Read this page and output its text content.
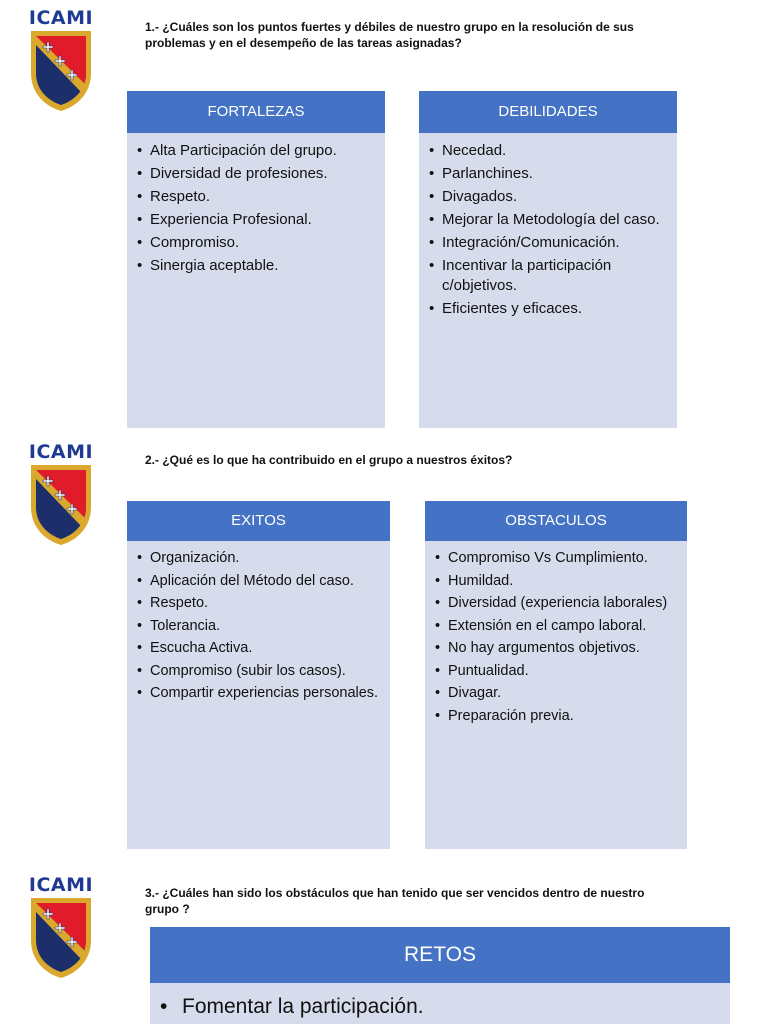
ICAMI
ICAMI
ICAMI
1.- ¿Cuáles son los puntos fuertes y débiles de nuestro grupo en la resolución de sus problemas y en el desempeño de las tareas asignadas?
FORTALEZAS
• Alta Participación del grupo.
• Diversidad de profesiones.
• Respeto.
• Experiencia Profesional.
• Compromiso.
• Sinergia aceptable.
DEBILIDADES
• Necedad.
• Parlanchines.
• Divagados.
• Mejorar la Metodología del caso.
• Integración/Comunicación.
• Incentivar la participación c/objetivos.
• Eficientes y eficaces.
2.- ¿Qué es lo que ha contribuido en el grupo a nuestros éxitos?
EXITOS
• Organización.
• Aplicación del Método del caso.
• Respeto.
• Tolerancia.
• Escucha Activa.
• Compromiso (subir los casos).
• Compartir experiencias personales.
OBSTACULOS
• Compromiso Vs Cumplimiento.
• Humildad.
• Diversidad (experiencia laborales)
• Extensión en el campo laboral.
• No hay argumentos objetivos.
• Puntualidad.
• Divagar.
• Preparación previa.
3.- ¿Cuáles han sido los obstáculos que han tenido que ser vencidos dentro de nuestro grupo ?
RETOS
• Fomentar la participación.
